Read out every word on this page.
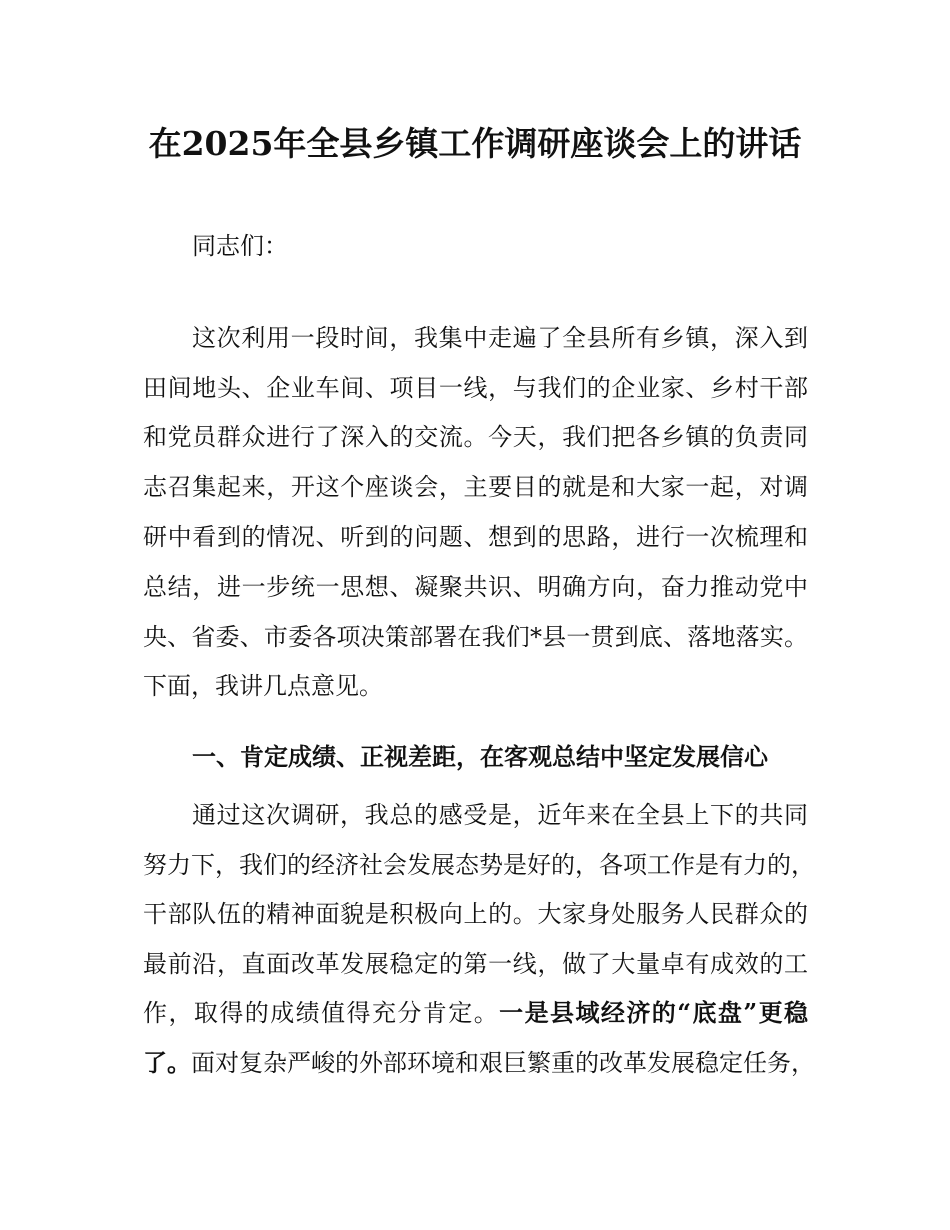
在2025年全县乡镇工作调研座谈会上的讲话
同志们：
这次利用一段时间，我集中走遍了全县所有乡镇，深入到
田间地头、企业车间、项目一线，与我们的企业家、乡村干部
和党员群众进行了深入的交流。今天，我们把各乡镇的负责同
志召集起来，开这个座谈会，主要目的就是和大家一起，对调
研中看到的情况、听到的问题、想到的思路，进行一次梳理和
总结，进一步统一思想、凝聚共识、明确方向，奋力推动党中
央、省委、市委各项决策部署在我们*县一贯到底、落地落实。
下面，我讲几点意见。
一、肯定成绩、正视差距，在客观总结中坚定发展信心
通过这次调研，我总的感受是，近年来在全县上下的共同
努力下，我们的经济社会发展态势是好的，各项工作是有力的，
干部队伍的精神面貌是积极向上的。大家身处服务人民群众的
最前沿，直面改革发展稳定的第一线，做了大量卓有成效的工
作，取得的成绩值得充分肯定。一是县域经济的“底盘”更稳
了。面对复杂严峻的外部环境和艰巨繁重的改革发展稳定任务，
